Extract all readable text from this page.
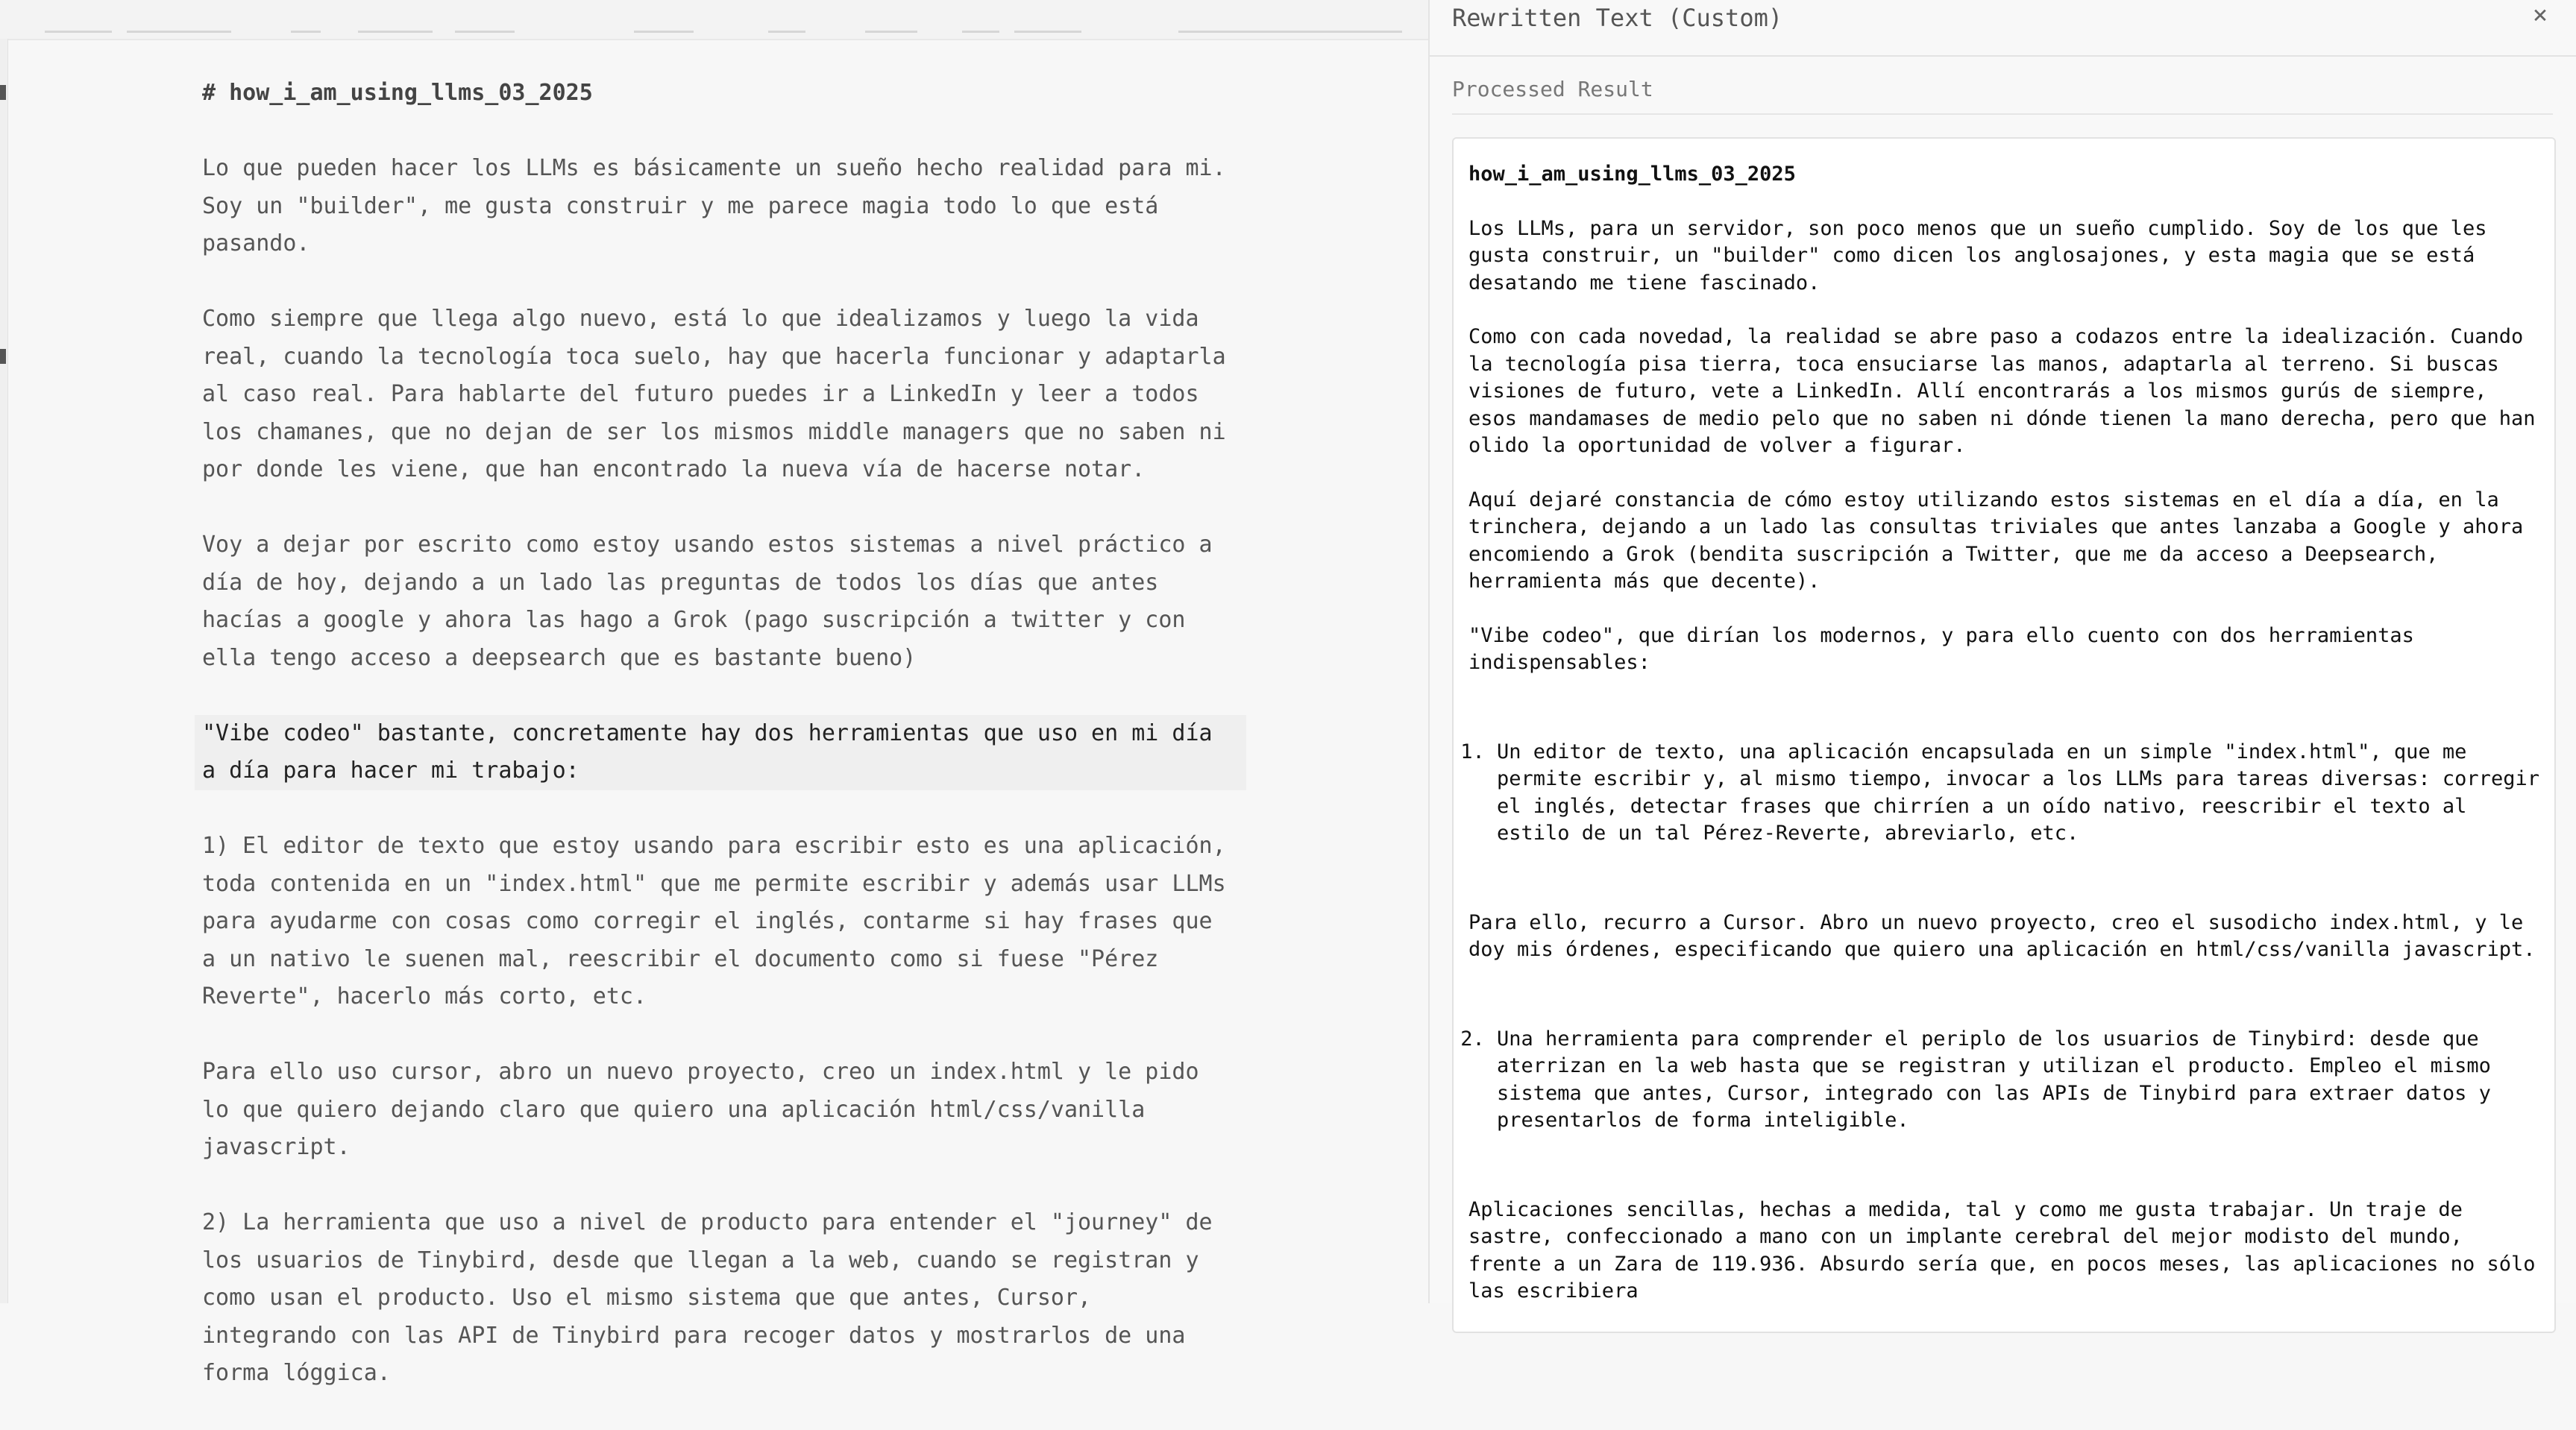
# how_i_am_using_llms_03_2025

Lo que pueden hacer los LLMs es básicamente un sueño hecho realidad para mi. Soy un "builder", me gusta construir y me parece magia todo lo que está pasando.

Como siempre que llega algo nuevo, está lo que idealizamos y luego la vida real, cuando la tecnología toca suelo, hay que hacerla funcionar y adaptarla al caso real. Para hablarte del futuro puedes ir a LinkedIn y leer a todos los chamanes, que no dejan de ser los mismos middle managers que no saben ni por donde les viene, que han encontrado la nueva vía de hacerse notar.

Voy a dejar por escrito como estoy usando estos sistemas a nivel práctico a día de hoy, dejando a un lado las preguntas de todos los días que antes hacías a google y ahora las hago a Grok (pago suscripción a twitter y con ella tengo acceso a deepsearch que es bastante bueno)

"Vibe codeo" bastante, concretamente hay dos herramientas que uso en mi día a día para hacer mi trabajo:

1) El editor de texto que estoy usando para escribir esto es una aplicación, toda contenida en un "index.html" que me permite escribir y además usar LLMs para ayudarme con cosas como corregir el inglés, contarme si hay frases que a un nativo le suenen mal, reescribir el documento como si fuese "Pérez Reverte", hacerlo más corto, etc.

Para ello uso cursor, abro un nuevo proyecto, creo un index.html y le pido lo que quiero dejando claro que quiero una aplicación html/css/vanilla javascript.

2) La herramienta que uso a nivel de producto para entender el "journey" de los usuarios de Tinybird, desde que llegan a la web, cuando se registran y como usan el producto. Uso el mismo sistema que que antes, Cursor, integrando con las API de Tinybird para recoger datos y mostrarlos de una forma lóggica.

Rewritten Text (Custom)	×
Processed Result
how_i_am_using_llms_03_2025

Los LLMs, para un servidor, son poco menos que un sueño cumplido. Soy de los que les gusta construir, un "builder" como dicen los anglosajones, y esta magia que se está desatando me tiene fascinado.

Como con cada novedad, la realidad se abre paso a codazos entre la idealización. Cuando la tecnología pisa tierra, toca ensuciarse las manos, adaptarla al terreno. Si buscas visiones de futuro, vete a LinkedIn. Allí encontrarás a los mismos gurús de siempre, esos mandamases de medio pelo que no saben ni dónde tienen la mano derecha, pero que han olido la oportunidad de volver a figurar.

Aquí dejaré constancia de cómo estoy utilizando estos sistemas en el día a día, en la trinchera, dejando a un lado las consultas triviales que antes lanzaba a Google y ahora encomiendo a Grok (bendita suscripción a Twitter, que me da acceso a Deepsearch, herramienta más que decente).

"Vibe codeo", que dirían los modernos, y para ello cuento con dos herramientas indispensables:

1. Un editor de texto, una aplicación encapsulada en un simple "index.html", que me permite escribir y, al mismo tiempo, invocar a los LLMs para tareas diversas: corregir el inglés, detectar frases que chirríen a un oído nativo, reescribir el texto al estilo de un tal Pérez-Reverte, abreviarlo, etc.

Para ello, recurro a Cursor. Abro un nuevo proyecto, creo el susodicho index.html, y le doy mis órdenes, especificando que quiero una aplicación en html/css/vanilla javascript.

2. Una herramienta para comprender el periplo de los usuarios de Tinybird: desde que aterrizan en la web hasta que se registran y utilizan el producto. Empleo el mismo sistema que antes, Cursor, integrado con las APIs de Tinybird para extraer datos y presentarlos de forma inteligible.

Aplicaciones sencillas, hechas a medida, tal y como me gusta trabajar. Un traje de sastre, confeccionado a mano con un implante cerebral del mejor modisto del mundo, frente a un Zara de 119.936. Absurdo sería que, en pocos meses, las aplicaciones no sólo las escribiera
